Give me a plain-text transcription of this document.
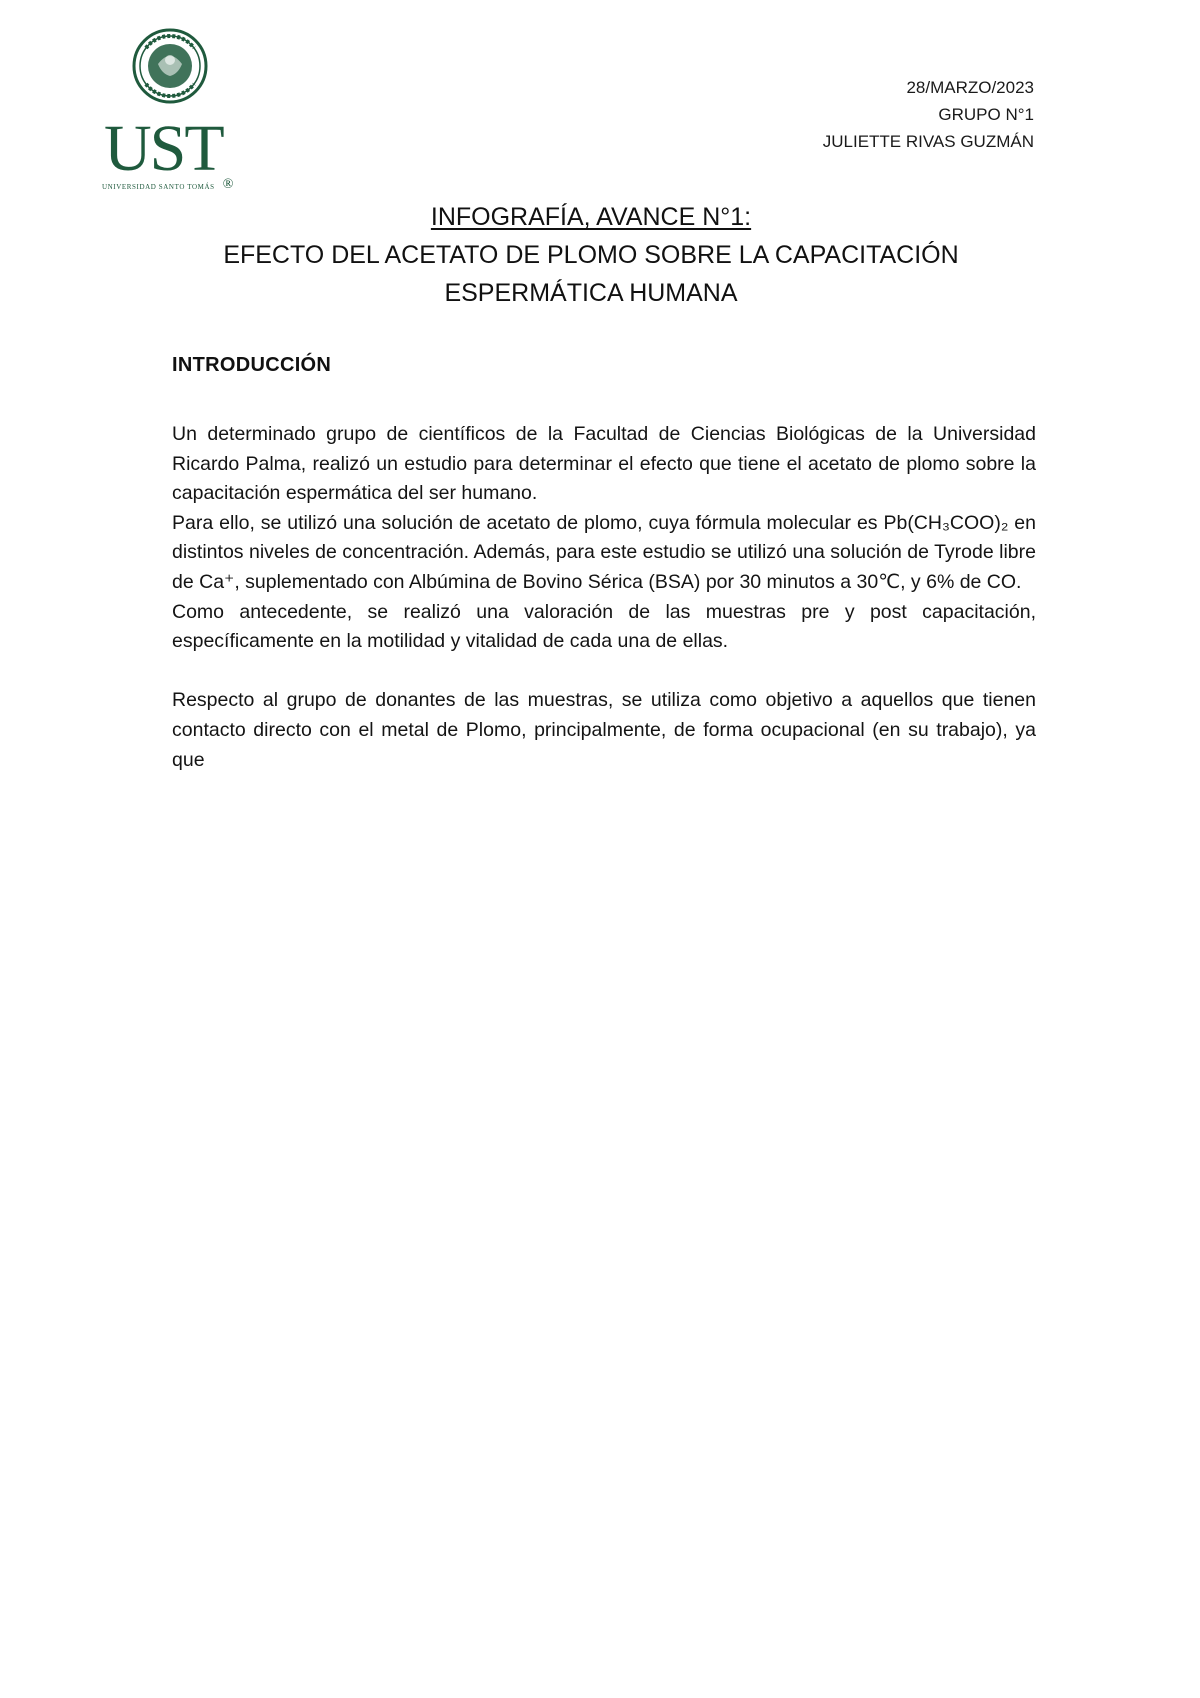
UST®
UNIVERSIDAD SANTO TOMÁS
28/MARZO/2023
GRUPO N°1
JULIETTE RIVAS GUZMÁN
INFOGRAFÍA, AVANCE N°1:
EFECTO DEL ACETATO DE PLOMO SOBRE LA CAPACITACIÓN
ESPERMÁTICA HUMANA
INTRODUCCIÓN

Un determinado grupo de científicos de la Facultad de Ciencias Biológicas de la Universidad Ricardo Palma, realizó un estudio para determinar el efecto que tiene el acetato de plomo sobre la capacitación espermática del ser humano.

Para ello, se utilizó una solución de acetato de plomo, cuya fórmula molecular es Pb(CH₃COO)₂ en distintos niveles de concentración. Además, para este estudio se utilizó una solución de Tyrode libre de Ca⁺, suplementado con Albúmina de Bovino Sérica (BSA) por 30 minutos a 30℃, y 6% de CO.

Como antecedente, se realizó una valoración de las muestras pre y post capacitación, específicamente en la motilidad y vitalidad de cada una de ellas.

Respecto al grupo de donantes de las muestras, se utiliza como objetivo a aquellos que tienen contacto directo con el metal de Plomo, principalmente, de forma ocupacional (en su trabajo), ya que
